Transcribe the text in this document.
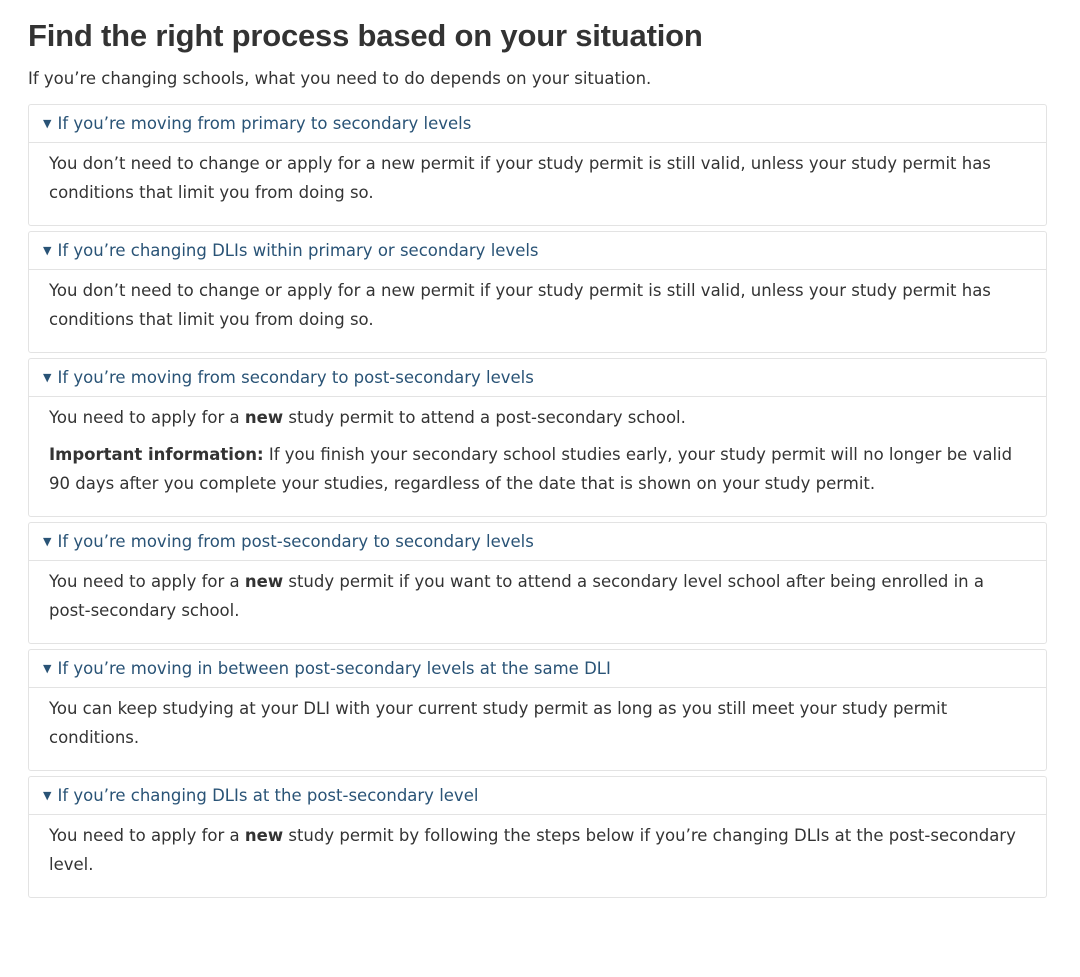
Find the right process based on your situation

If you’re changing schools, what you need to do depends on your situation.

▼ If you’re moving from primary to secondary levels

You don’t need to change or apply for a new permit if your study permit is still valid, unless your study permit has conditions that limit you from doing so.

▼ If you’re changing DLIs within primary or secondary levels

You don’t need to change or apply for a new permit if your study permit is still valid, unless your study permit has conditions that limit you from doing so.

▼ If you’re moving from secondary to post-secondary levels

You need to apply for a new study permit to attend a post-secondary school.

Important information: If you finish your secondary school studies early, your study permit will no longer be valid 90 days after you complete your studies, regardless of the date that is shown on your study permit.

▼ If you’re moving from post-secondary to secondary levels

You need to apply for a new study permit if you want to attend a secondary level school after being enrolled in a post-secondary school.

▼ If you’re moving in between post-secondary levels at the same DLI

You can keep studying at your DLI with your current study permit as long as you still meet your study permit conditions.

▼ If you’re changing DLIs at the post-secondary level

You need to apply for a new study permit by following the steps below if you’re changing DLIs at the post-secondary level.
